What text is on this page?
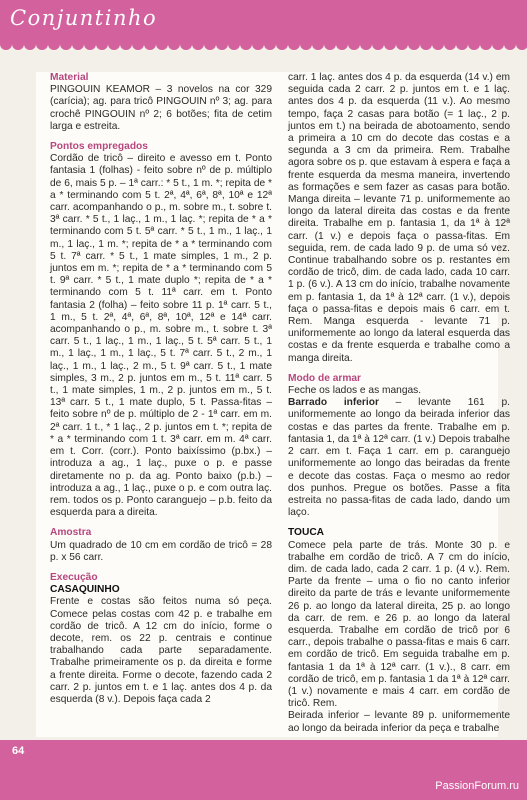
Conjuntinho
Material

PINGOUIN KEAMOR – 3 novelos na cor 329 (carícia); ag. para tricô PINGOUIN nº 3; ag. para crochê PINGOUIN nº 2; 6 botões; fita de cetim larga e estreita.

Pontos empregados

Cordão de tricô – direito e avesso em t. Ponto fantasia 1 (folhas) - feito sobre nº de p. múltiplo de 6, mais 5 p. – 1ª carr.: * 5 t., 1 m. *; repita de * a * terminando com 5 t. 2ª, 4ª, 6ª, 8ª, 10ª e 12ª carr. acompanhando o p., m. sobre m., t. sobre t. 3ª carr. * 5 t., 1 laç., 1 m., 1 laç. *; repita de * a * terminando com 5 t. 5ª carr. * 5 t., 1 m., 1 laç., 1 m., 1 laç., 1 m. *; repita de * a * terminando com 5 t. 7ª carr. * 5 t., 1 mate simples, 1 m., 2 p. juntos em m. *; repita de * a * terminando com 5 t. 9ª carr. * 5 t., 1 mate duplo *; repita de * a * terminando com 5 t. 11ª carr. em t. Ponto fantasia 2 (folha) – feito sobre 11 p. 1ª carr. 5 t., 1 m., 5 t. 2ª, 4ª, 6ª, 8ª, 10ª, 12ª e 14ª carr. acompanhando o p., m. sobre m., t. sobre t. 3ª carr. 5 t., 1 laç., 1 m., 1 laç., 5 t. 5ª carr. 5 t., 1 m., 1 laç., 1 m., 1 laç., 5 t. 7ª carr. 5 t., 2 m., 1 laç., 1 m., 1 laç., 2 m., 5 t. 9ª carr. 5 t., 1 mate simples, 3 m., 2 p. juntos em m., 5 t. 11ª carr. 5 t., 1 mate simples, 1 m., 2 p. juntos em m., 5 t. 13ª carr. 5 t., 1 mate duplo, 5 t. Passa-fitas – feito sobre nº de p. múltiplo de 2 - 1ª carr. em m. 2ª carr. 1 t., * 1 laç., 2 p. juntos em t. *; repita de * a * terminando com 1 t. 3ª carr. em m. 4ª carr. em t. Corr. (corr.). Ponto baixíssimo (p.bx.) – introduza a ag., 1 laç., puxe o p. e passe diretamente no p. da ag. Ponto baixo (p.b.) – introduza a ag., 1 laç., puxe o p. e com outra laç. rem. todos os p. Ponto caranguejo – p.b. feito da esquerda para a direita.

Amostra

Um quadrado de 10 cm em cordão de tricô = 28 p. x 56 carr.

Execução
CASAQUINHO

Frente e costas são feitos numa só peça. Comece pelas costas com 42 p. e trabalhe em cordão de tricô. A 12 cm do início, forme o decote, rem. os 22 p. centrais e continue trabalhando cada parte separadamente. Trabalhe primeiramente os p. da direita e forme a frente direita. Forme o decote, fazendo cada 2 carr. 2 p. juntos em t. e 1 laç. antes dos 4 p. da esquerda (8 v.). Depois faça cada 2

carr. 1 laç. antes dos 4 p. da esquerda (14 v.) em seguida cada 2 carr. 2 p. juntos em t. e 1 laç. antes dos 4 p. da esquerda (11 v.). Ao mesmo tempo, faça 2 casas para botão (= 1 laç., 2 p. juntos em t.) na beirada de abotoamento, sendo a primeira a 10 cm do decote das costas e a segunda a 3 cm da primeira. Rem. Trabalhe agora sobre os p. que estavam à espera e faça a frente esquerda da mesma maneira, invertendo as formações e sem fazer as casas para botão. Manga direita – levante 71 p. uniformemente ao longo da lateral direita das costas e da frente direita. Trabalhe em p. fantasia 1, da 1ª à 12ª carr. (1 v.) e depois faça o passa-fitas. Em seguida, rem. de cada lado 9 p. de uma só vez. Continue trabalhando sobre os p. restantes em cordão de tricô, dim. de cada lado, cada 10 carr. 1 p. (6 v.). A 13 cm do início, trabalhe novamente em p. fantasia 1, da 1ª à 12ª carr. (1 v.), depois faça o passa-fitas e depois mais 6 carr. em t. Rem. Manga esquerda - levante 71 p. uniformemente ao longo da lateral esquerda das costas e da frente esquerda e trabalhe como a manga direita.

Modo de armar

Feche os lados e as mangas.

Barrado inferior – levante 161 p. uniformemente ao longo da beirada inferior das costas e das partes da frente. Trabalhe em p. fantasia 1, da 1ª à 12ª carr. (1 v.) Depois trabalhe 2 carr. em t. Faça 1 carr. em p. caranguejo uniformemente ao longo das beiradas da frente e decote das costas. Faça o mesmo ao redor dos punhos. Pregue os botões. Passe a fita estreita no passa-fitas de cada lado, dando um laço.

TOUCA

Comece pela parte de trás. Monte 30 p. e trabalhe em cordão de tricô. A 7 cm do início, dim. de cada lado, cada 2 carr. 1 p. (4 v.). Rem. Parte da frente – uma o fio no canto inferior direito da parte de trás e levante uniformemente 26 p. ao longo da lateral direita, 25 p. ao longo da carr. de rem. e 26 p. ao longo da lateral esquerda. Trabalhe em cordão de tricô por 6 carr., depois trabalhe o passa-fitas e mais 6 carr. em cordão de tricô. Em seguida trabalhe em p. fantasia 1 da 1ª à 12ª carr. (1 v.)., 8 carr. em cordão de tricô, em p. fantasia 1 da 1ª à 12ª carr. (1 v.) novamente e mais 4 carr. em cordão de tricô. Rem.

Beirada inferior – levante 89 p. uniformemente ao longo da beirada inferior da peça e trabalhe

64
PassionForum.ru
